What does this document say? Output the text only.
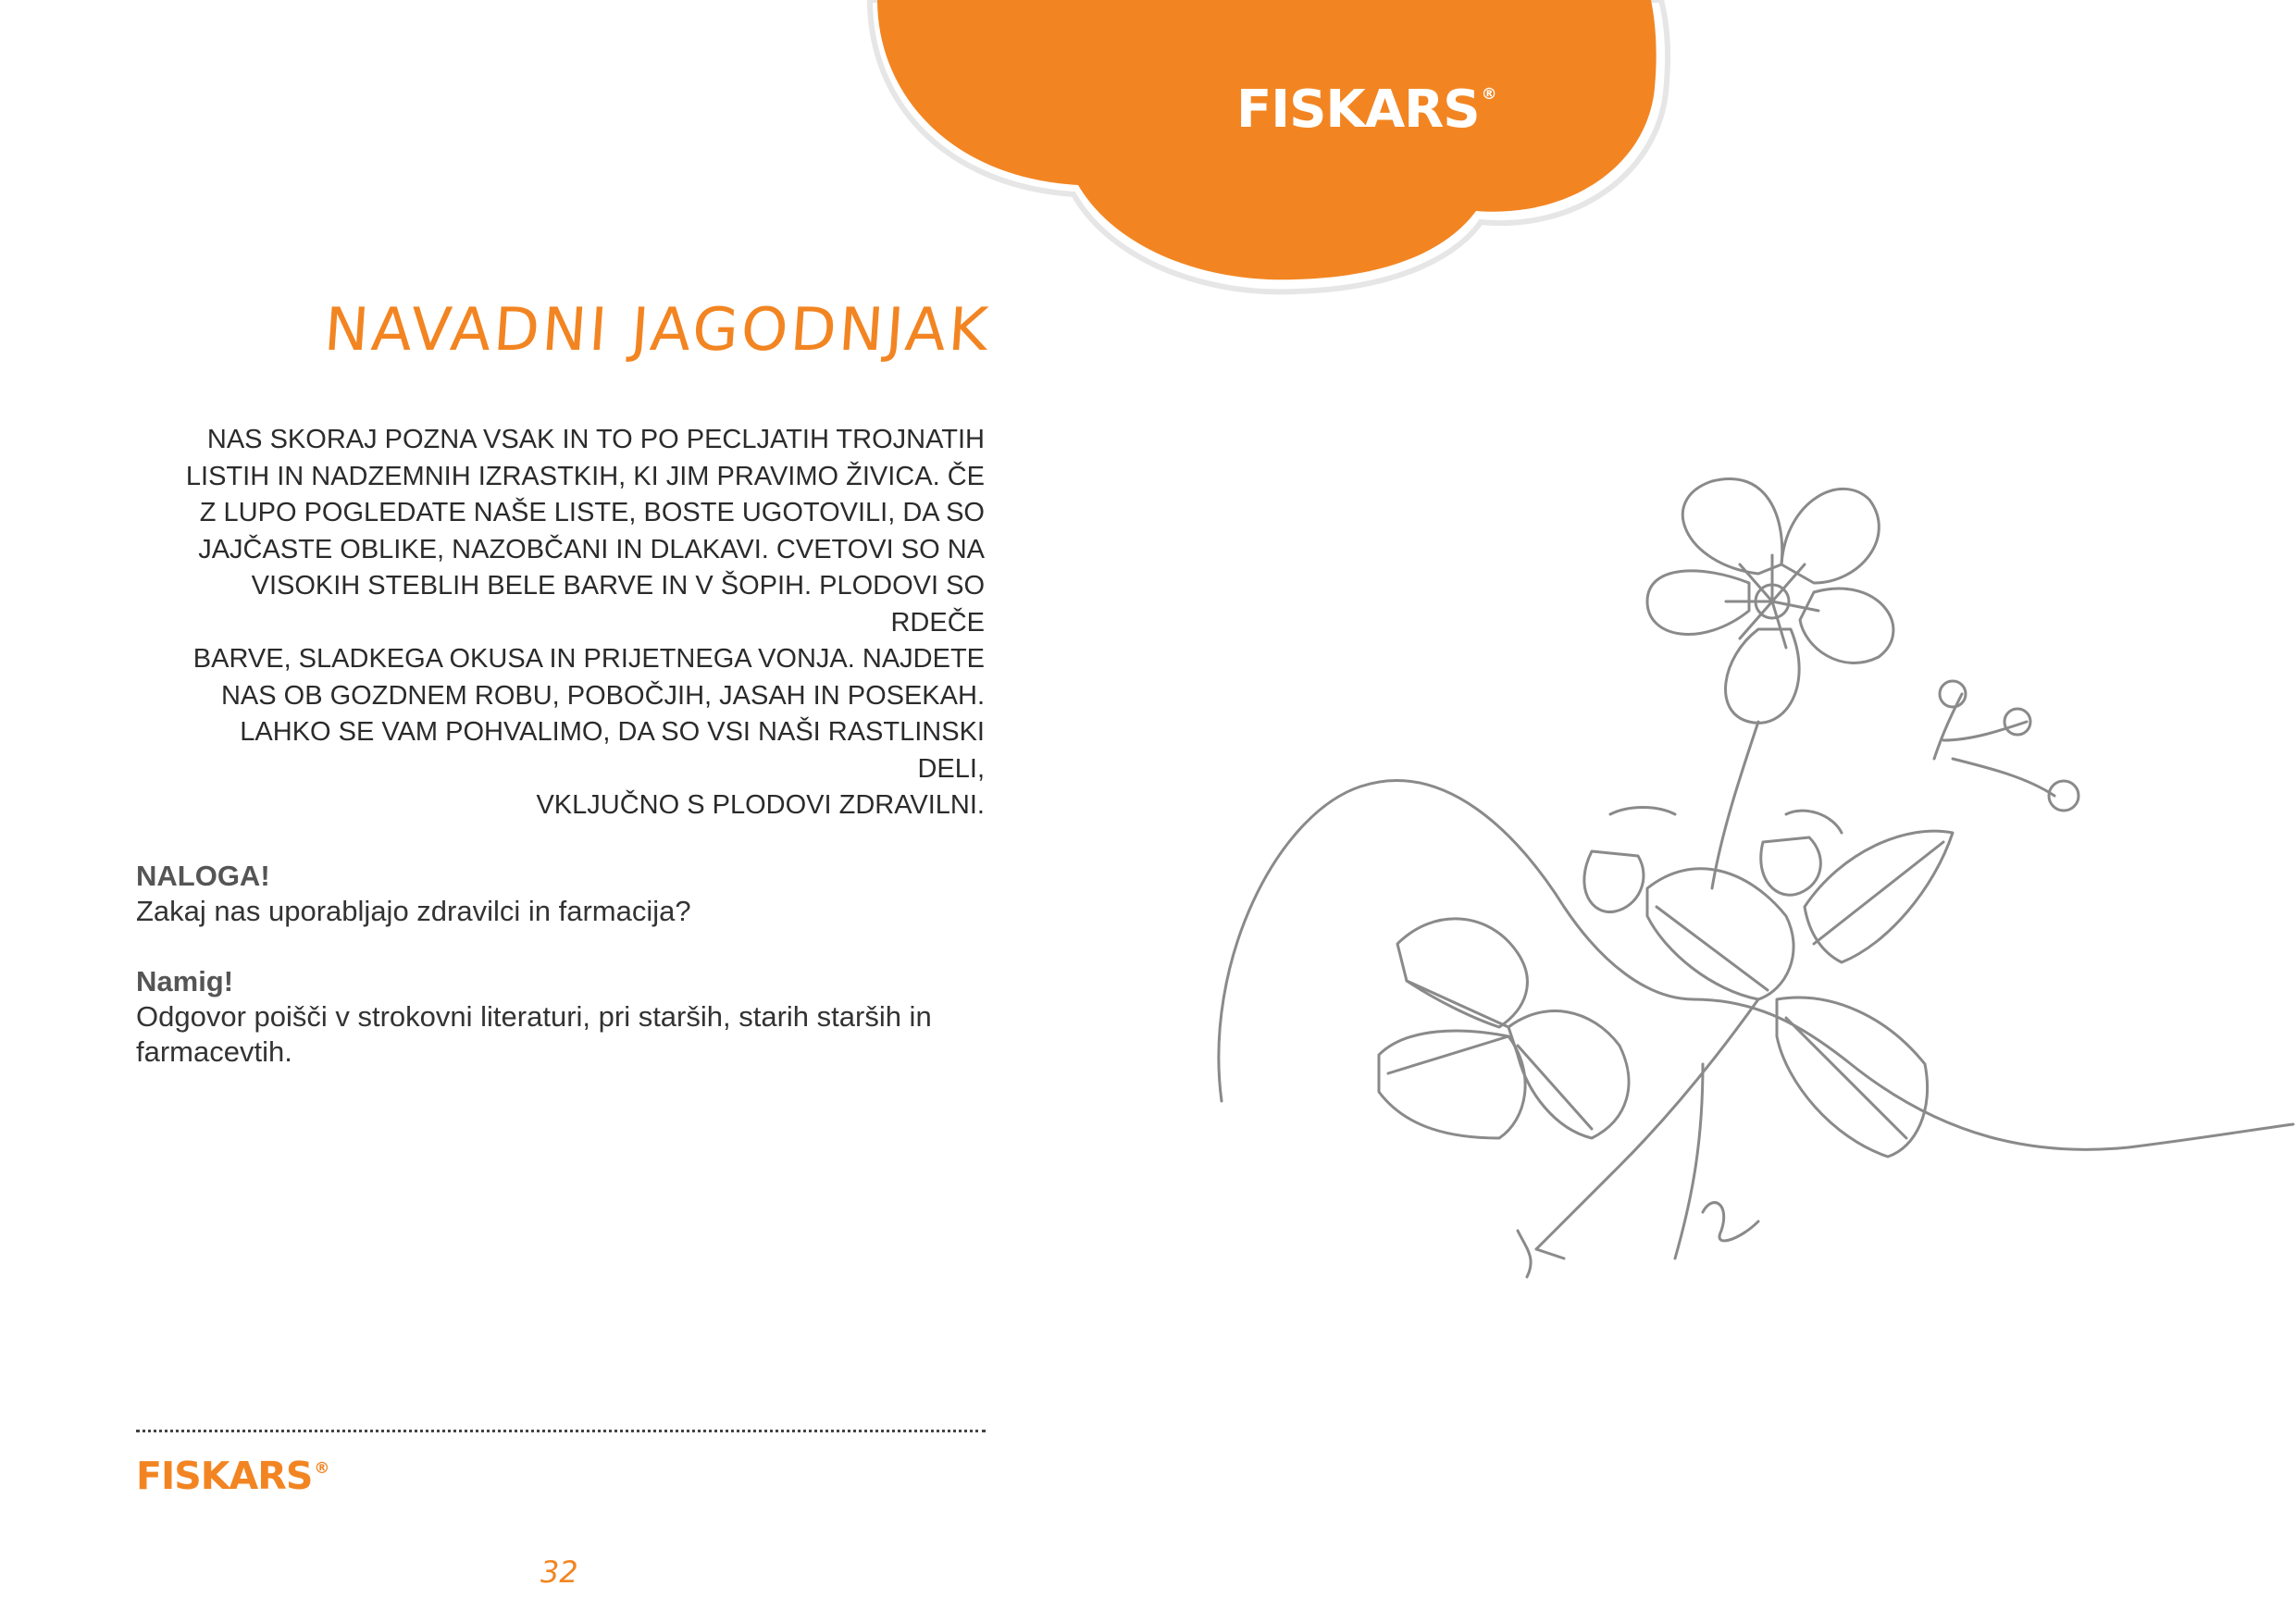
FISKARS ®
NAVADNI JAGODNJAK
NAS SKORAJ POZNA VSAK IN TO PO PECLJATIH TROJNATIH
LISTIH IN NADZEMNIH IZRASTKIH, KI JIM PRAVIMO ŽIVICA. ČE
Z LUPO POGLEDATE NAŠE LISTE, BOSTE UGOTOVILI, DA SO
JAJČASTE OBLIKE, NAZOBČANI IN DLAKAVI. CVETOVI SO NA
VISOKIH STEBLIH BELE BARVE IN V ŠOPIH. PLODOVI SO RDEČE
BARVE, SLADKEGA OKUSA IN PRIJETNEGA VONJA. NAJDETE
NAS OB GOZDNEM ROBU, POBOČJIH, JASAH IN POSEKAH.
LAHKO SE VAM POHVALIMO, DA SO VSI NAŠI RASTLINSKI DELI,
VKLJUČNO S PLODOVI ZDRAVILNI.
NALOGA!
Zakaj nas uporabljajo zdravilci in farmacija?
Namig!
Odgovor poišči v strokovni literaturi, pri starših, starih starših in
farmacevtih.
FISKARS ®
32
